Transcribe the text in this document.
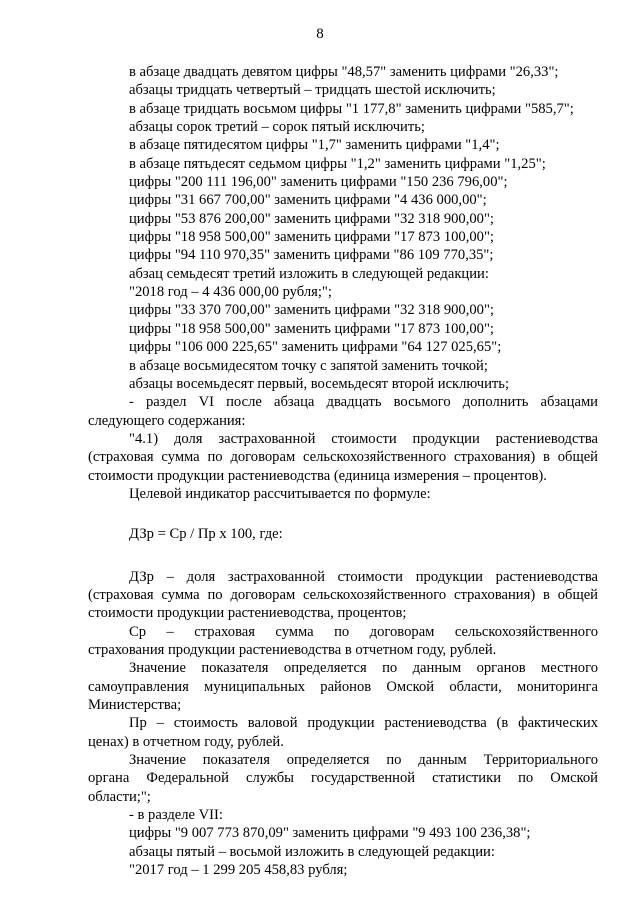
8
в абзаце двадцать девятом цифры "48,57" заменить цифрами "26,33";
абзацы тридцать четвертый – тридцать шестой исключить;
в абзаце тридцать восьмом цифры "1 177,8" заменить цифрами "585,7";
абзацы сорок третий – сорок пятый исключить;
в абзаце пятидесятом цифры "1,7" заменить цифрами "1,4";
в абзаце пятьдесят седьмом цифры "1,2" заменить цифрами "1,25";
цифры "200 111 196,00" заменить цифрами "150 236 796,00";
цифры "31 667 700,00" заменить цифрами "4 436 000,00";
цифры "53 876 200,00" заменить цифрами "32 318 900,00";
цифры "18 958 500,00" заменить цифрами "17 873 100,00";
цифры "94 110 970,35" заменить цифрами "86 109 770,35";
абзац семьдесят третий изложить в следующей редакции:
"2018 год – 4 436 000,00 рубля;";
цифры "33 370 700,00" заменить цифрами "32 318 900,00";
цифры "18 958 500,00" заменить цифрами "17 873 100,00";
цифры "106 000 225,65" заменить цифрами "64 127 025,65";
в абзаце восьмидесятом точку с запятой заменить точкой;
абзацы восемьдесят первый, восемьдесят второй исключить;
- раздел VI после абзаца двадцать восьмого дополнить абзацами
следующего содержания:
"4.1) доля застрахованной стоимости продукции растениеводства
(страховая сумма по договорам сельскохозяйственного страхования) в общей
стоимости продукции растениеводства (единица измерения – процентов).
Целевой индикатор рассчитывается по формуле:
ДЗр = Ср / Пр х 100, где:
ДЗр – доля застрахованной стоимости продукции растениеводства
(страховая сумма по договорам сельскохозяйственного страхования) в общей
стоимости продукции растениеводства, процентов;
Ср – страховая сумма по договорам сельскохозяйственного
страхования продукции растениеводства в отчетном году, рублей.
Значение показателя определяется по данным органов местного
самоуправления муниципальных районов Омской области, мониторинга
Министерства;
Пр – стоимость валовой продукции растениеводства (в фактических
ценах) в отчетном году, рублей.
Значение показателя определяется по данным Территориального
органа Федеральной службы государственной статистики по Омской
области;";
- в разделе VII:
цифры "9 007 773 870,09" заменить цифрами "9 493 100 236,38";
абзацы пятый – восьмой изложить в следующей редакции:
"2017 год – 1 299 205 458,83 рубля;
